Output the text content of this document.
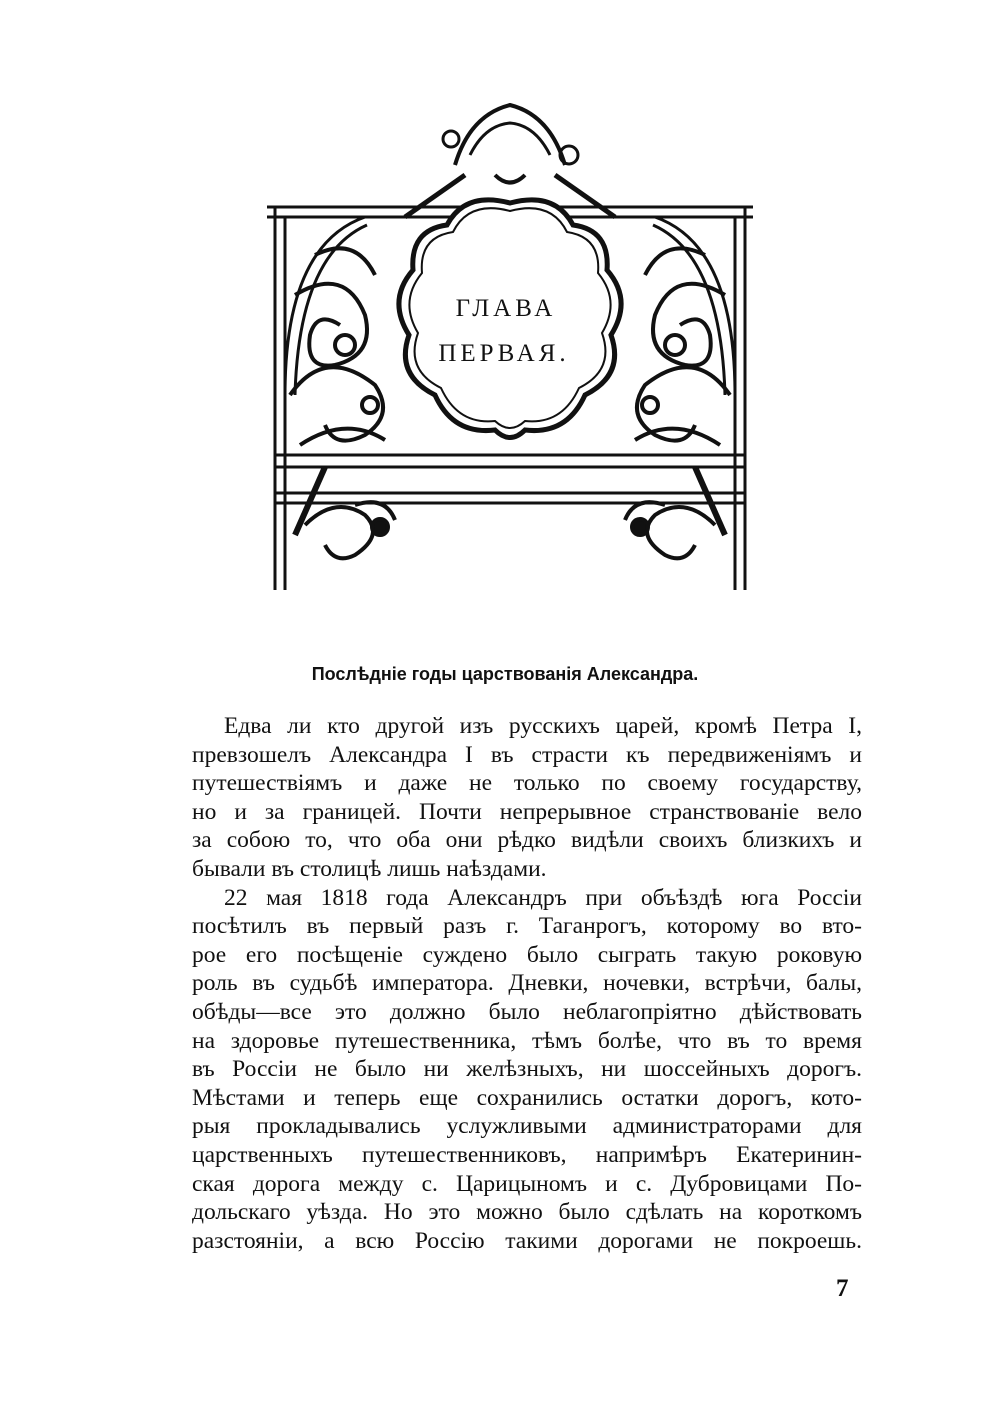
ГЛАВА
ПЕРВАЯ.
Послѣдніе годы царствованія Александра.
Едва ли кто другой изъ русскихъ царей, кромѣ Петра I,
превзошелъ Александра I въ страсти къ передвиженіямъ и
путешествіямъ и даже не только по своему государству,
но и за границей. Почти непрерывное странствованіе вело
за собою то, что оба они рѣдко видѣли своихъ близкихъ и
бывали въ столицѣ лишь наѣздами.
22 мая 1818 года Александръ при объѣздѣ юга Россіи
посѣтилъ въ первый разъ г. Таганрогъ, которому во вто-
рое его посѣщеніе суждено было сыграть такую роковую
роль въ судьбѣ императора. Дневки, ночевки, встрѣчи, балы,
обѣды—все это должно было неблагопріятно дѣйствовать
на здоровье путешественника, тѣмъ болѣе, что въ то время
въ Россіи не было ни желѣзныхъ, ни шоссейныхъ дорогъ.
Мѣстами и теперь еще сохранились остатки дорогъ, кото-
рыя прокладывались услужливыми администраторами для
царственныхъ путешественниковъ, напримѣръ Екатеринин-
ская дорога между с. Царицыномъ и с. Дубровицами По-
дольскаго уѣзда. Но это можно было сдѣлать на короткомъ
разстояніи, а всю Россію такими дорогами не покроешь.
7
